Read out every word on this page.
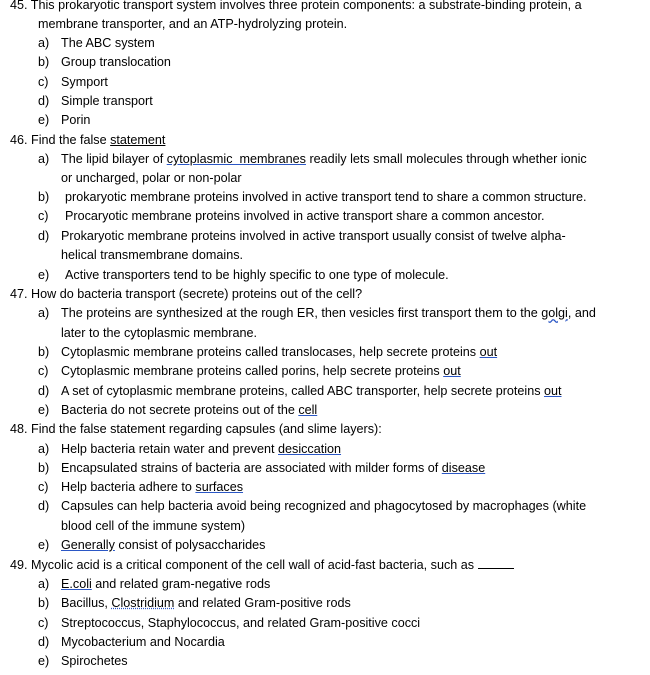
45. This prokaryotic transport system involves three protein components: a substrate-binding protein, a
membrane transporter, and an ATP-hydrolyzing protein.
a) The ABC system
b) Group translocation
c) Symport
d) Simple transport
e) Porin
46. Find the false statement
a) The lipid bilayer of cytoplasmic  membranes readily lets small molecules through whether ionic
or uncharged, polar or non-polar
b) prokaryotic membrane proteins involved in active transport tend to share a common structure.
c) Procaryotic membrane proteins involved in active transport share a common ancestor.
d) Prokaryotic membrane proteins involved in active transport usually consist of twelve alpha-
helical transmembrane domains.
e) Active transporters tend to be highly specific to one type of molecule.
47. How do bacteria transport (secrete) proteins out of the cell?
a) The proteins are synthesized at the rough ER, then vesicles first transport them to the golgi, and
later to the cytoplasmic membrane.
b) Cytoplasmic membrane proteins called translocases, help secrete proteins out
c) Cytoplasmic membrane proteins called porins, help secrete proteins out
d) A set of cytoplasmic membrane proteins, called ABC transporter, help secrete proteins out
e) Bacteria do not secrete proteins out of the cell
48. Find the false statement regarding capsules (and slime layers):
a) Help bacteria retain water and prevent desiccation
b) Encapsulated strains of bacteria are associated with milder forms of disease
c) Help bacteria adhere to surfaces
d) Capsules can help bacteria avoid being recognized and phagocytosed by macrophages (white
blood cell of the immune system)
e) Generally consist of polysaccharides
49. Mycolic acid is a critical component of the cell wall of acid-fast bacteria, such as
a) E.coli and related gram-negative rods
b) Bacillus, Clostridium and related Gram-positive rods
c) Streptococcus, Staphylococcus, and related Gram-positive cocci
d) Mycobacterium and Nocardia
e) Spirochetes
